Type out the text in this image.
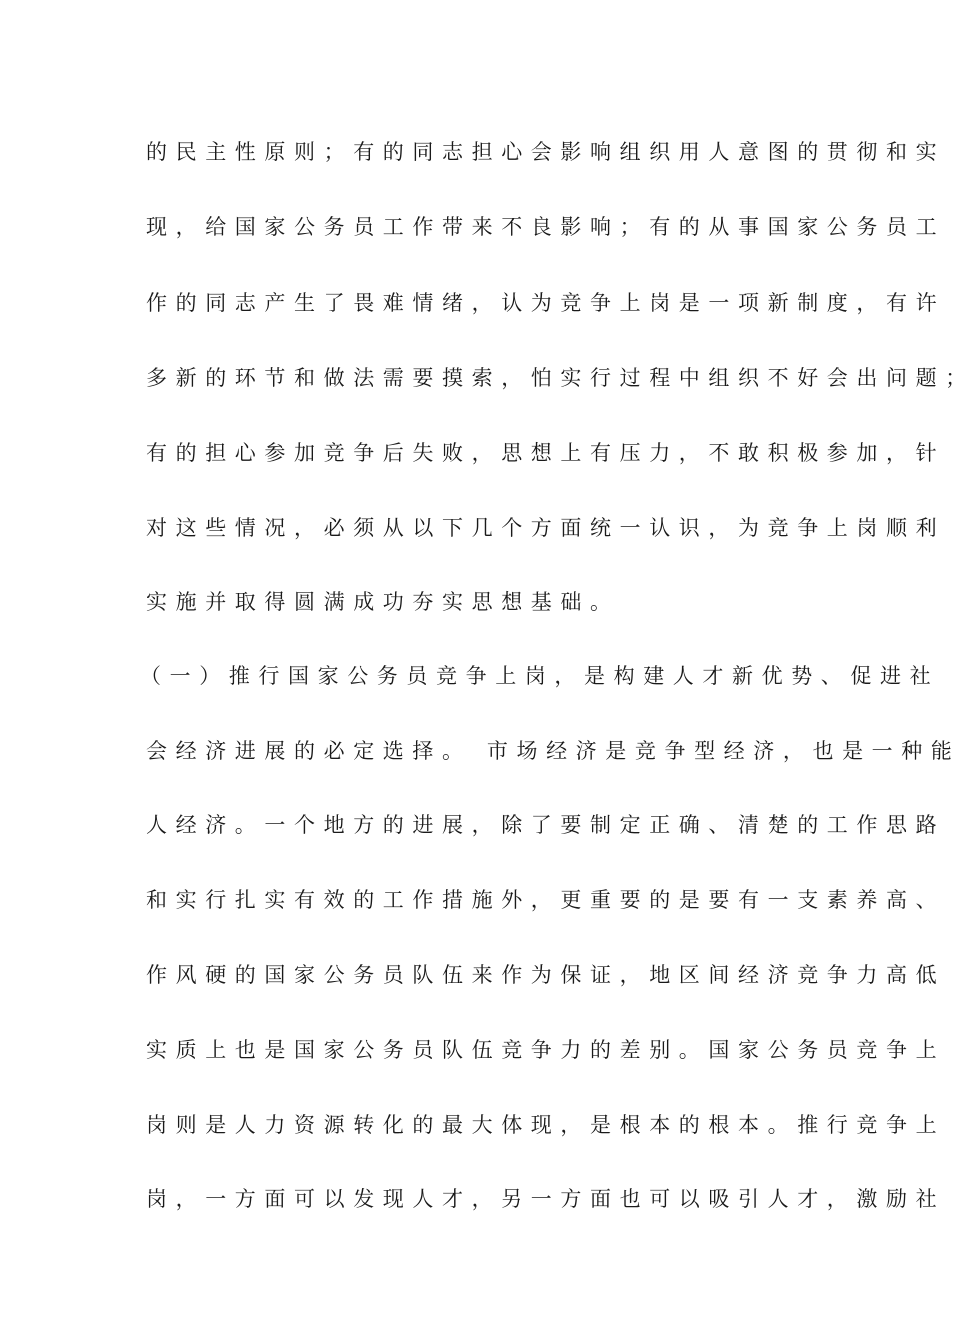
的民主性原则；有的同志担心会影响组织用人意图的贯彻和实
现，给国家公务员工作带来不良影响；有的从事国家公务员工
作的同志产生了畏难情绪，认为竞争上岗是一项新制度，有许
多新的环节和做法需要摸索，怕实行过程中组织不好会出问题；
有的担心参加竞争后失败，思想上有压力，不敢积极参加，针
对这些情况，必须从以下几个方面统一认识，为竞争上岗顺利
实施并取得圆满成功夯实思想基础。
（一）推行国家公务员竞争上岗，是构建人才新优势、促进社
会经济进展的必定选择。 市场经济是竞争型经济，也是一种能
人经济。一个地方的进展，除了要制定正确、清楚的工作思路
和实行扎实有效的工作措施外，更重要的是要有一支素养高、
作风硬的国家公务员队伍来作为保证，地区间经济竞争力高低
实质上也是国家公务员队伍竞争力的差别。国家公务员竞争上
岗则是人力资源转化的最大体现，是根本的根本。推行竞争上
岗，一方面可以发现人才，另一方面也可以吸引人才，激励社
